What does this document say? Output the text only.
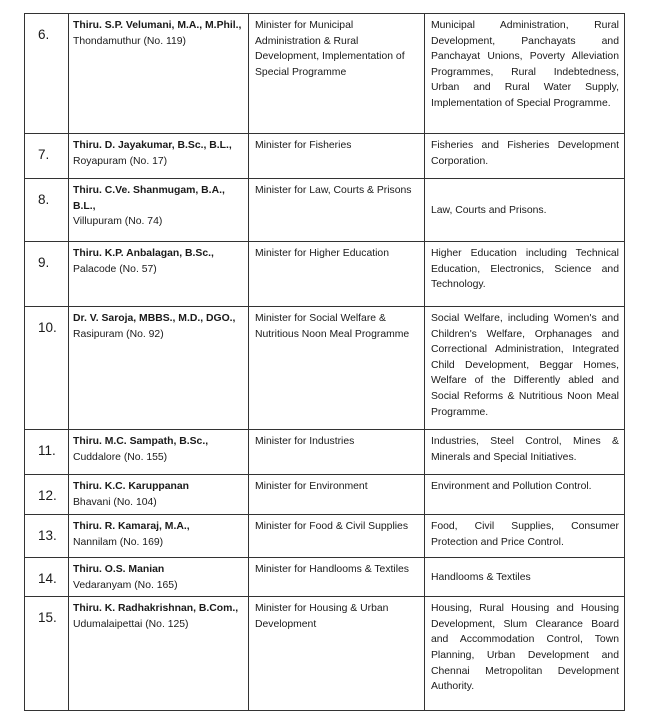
6.	Thiru. S.P. Velumani, M.A., M.Phil.,
Thondamuthur (No. 119)	Minister for Municipal Administration & Rural Development, Implementation of Special Programme	Municipal Administration, Rural Development, Panchayats and Panchayat Unions, Poverty Alleviation Programmes, Rural Indebtedness, Urban and Rural Water Supply, Implementation of Special Programme.

7.	Thiru. D. Jayakumar, B.Sc., B.L.,
Royapuram (No. 17)	Minister for Fisheries	Fisheries and Fisheries Development Corporation.

8.	Thiru. C.Ve. Shanmugam, B.A., B.L.,
Villupuram (No. 74)	Minister for Law, Courts & Prisons	Law, Courts and Prisons.

9.	Thiru. K.P. Anbalagan, B.Sc.,
Palacode (No. 57)	Minister for Higher Education	Higher Education including Technical Education, Electronics, Science and Technology.

10.	Dr. V. Saroja, MBBS., M.D., DGO.,
Rasipuram (No. 92)	Minister for Social Welfare & Nutritious Noon Meal Programme	Social Welfare, including Women's and Children's Welfare, Orphanages and Correctional Administration, Integrated Child Development, Beggar Homes, Welfare of the Differently abled and Social Reforms & Nutritious Noon Meal Programme.

11.	Thiru. M.C. Sampath, B.Sc.,
Cuddalore (No. 155)	Minister for Industries	Industries, Steel Control, Mines & Minerals and Special Initiatives.

12.	Thiru. K.C. Karuppanan
Bhavani (No. 104)	Minister for Environment	Environment and Pollution Control.

13.	Thiru. R. Kamaraj, M.A.,
Nannilam (No. 169)	Minister for Food & Civil Supplies	Food, Civil Supplies, Consumer Protection and Price Control.

14.	Thiru. O.S. Manian
Vedaranyam (No. 165)	Minister for Handlooms & Textiles	Handlooms & Textiles

15.	Thiru. K. Radhakrishnan, B.Com.,
Udumalaipettai (No. 125)	Minister for Housing & Urban Development	Housing, Rural Housing and Housing Development, Slum Clearance Board and Accommodation Control, Town Planning, Urban Development and Chennai Metropolitan Development Authority.
